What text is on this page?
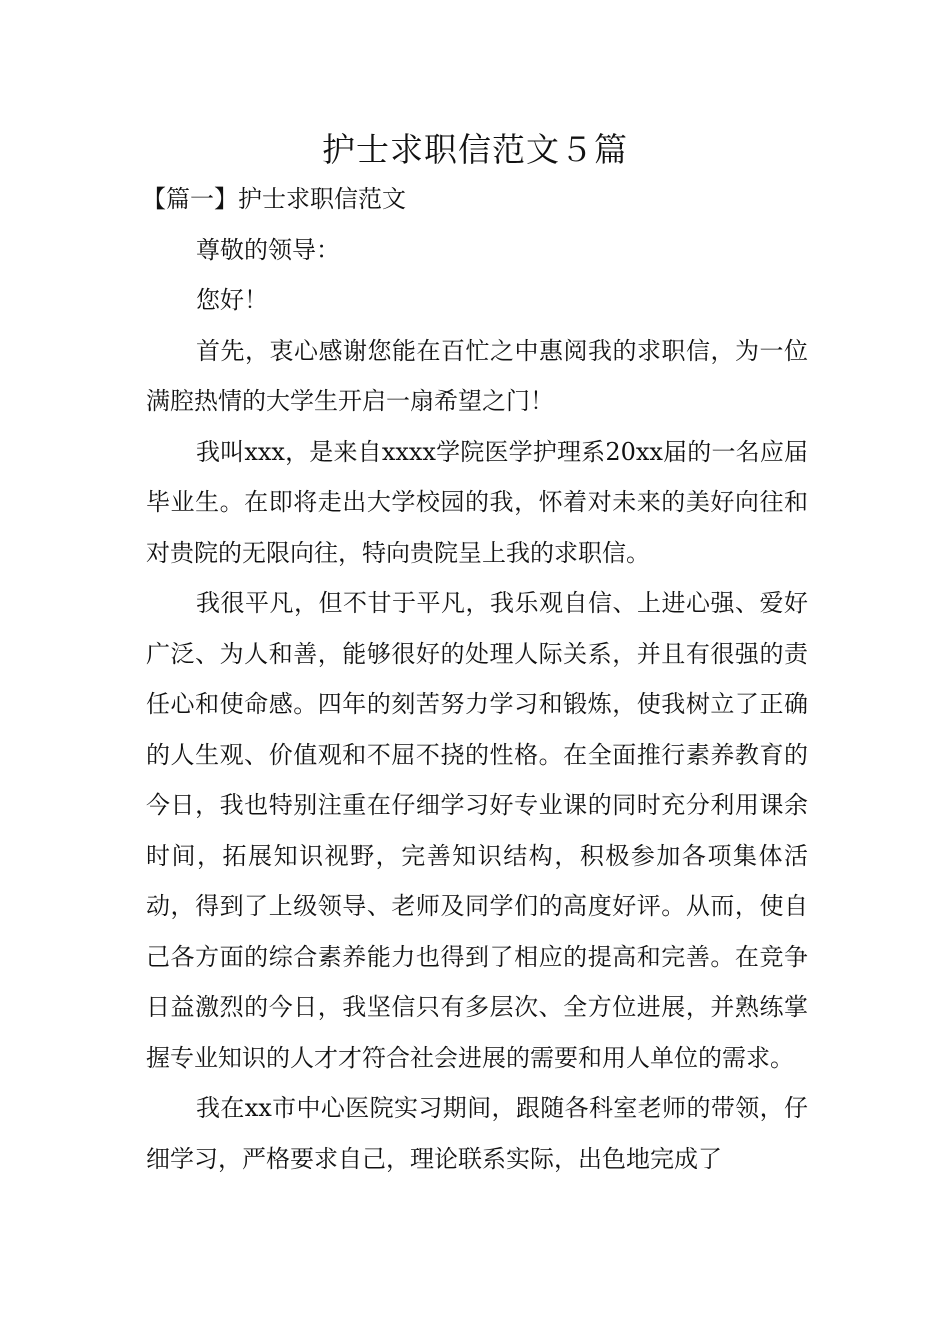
护士求职信范文５篇

【篇一】护士求职信范文

尊敬的领导：

您好！

首先，衷心感谢您能在百忙之中惠阅我的求职信，为一位满腔热情的大学生开启一扇希望之门！

我叫xxx，是来自xxxx学院医学护理系20xx届的一名应届毕业生。在即将走出大学校园的我，怀着对未来的美好向往和对贵院的无限向往，特向贵院呈上我的求职信。

我很平凡，但不甘于平凡，我乐观自信、上进心强、爱好广泛、为人和善，能够很好的处理人际关系，并且有很强的责任心和使命感。四年的刻苦努力学习和锻炼，使我树立了正确的人生观、价值观和不屈不挠的性格。在全面推行素养教育的今日，我也特别注重在仔细学习好专业课的同时充分利用课余时间，拓展知识视野，完善知识结构，积极参加各项集体活动，得到了上级领导、老师及同学们的高度好评。从而，使自己各方面的综合素养能力也得到了相应的提高和完善。在竞争日益激烈的今日，我坚信只有多层次、全方位进展，并熟练掌握专业知识的人才才符合社会进展的需要和用人单位的需求。

我在xx市中心医院实习期间，跟随各科室老师的带领，仔细学习，严格要求自己，理论联系实际，出色地完成了
